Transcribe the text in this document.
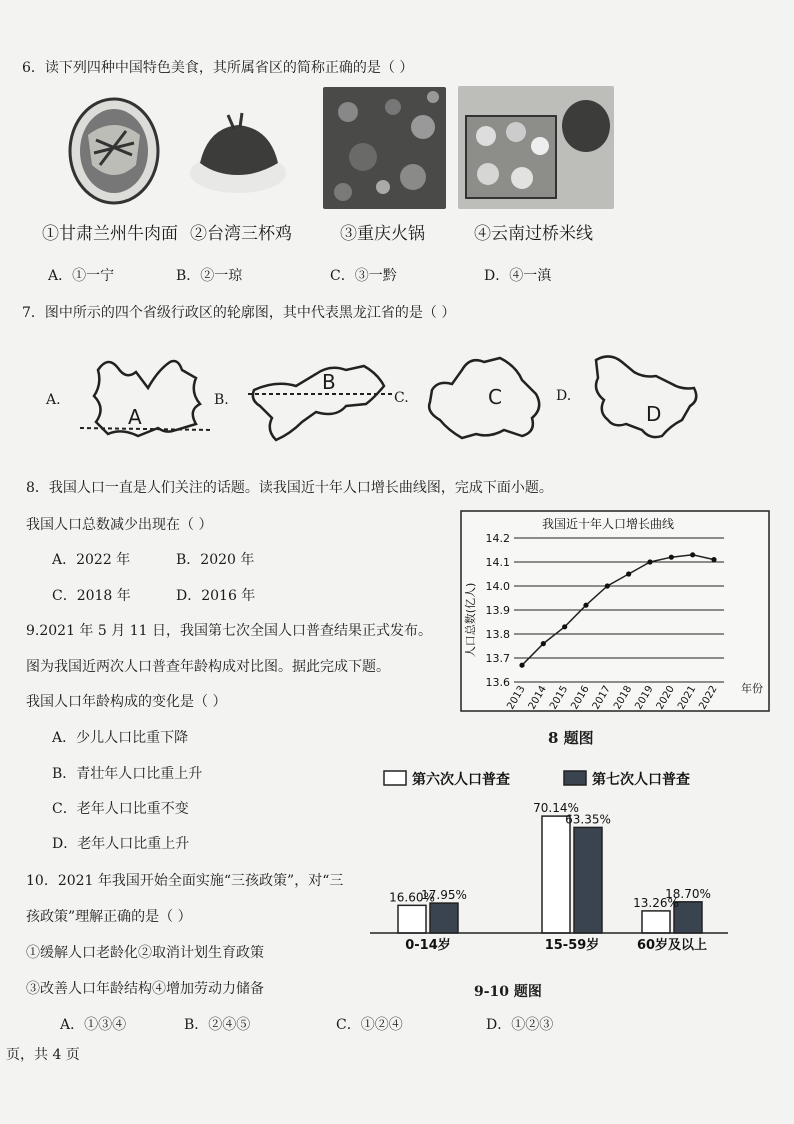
6．读下列四种中国特色美食，其所属省区的简称正确的是（ ）
①甘肃兰州牛肉面 ②台湾三杯鸡	③重庆火锅	④云南过桥米线
A．①一宁	B．②一琼	C．③一黔	D．④一滇
7．图中所示的四个省级行政区的轮廓图，其中代表黑龙江省的是（ ）
A.
A
B.
B
C.	C	D.
D
8．我国人口一直是人们关注的话题。读我国近十年人口增长曲线图，完成下面小题。
我国人口总数减少出现在（ ）
A．2022 年	B．2020 年
C．2018 年	D．2016 年
9.2021 年 5 月 11 日，我国第七次全国人口普查结果正式发布。
图为我国近两次人口普查年龄构成对比图。据此完成下题。
我国人口年龄构成的变化是（ ）
A．少儿人口比重下降
B．青壮年人口比重上升
C．老年人口比重不变
D．老年人口比重上升
10．2021 年我国开始全面实施“三孩政策”，对“三
孩政策”理解正确的是（ ）
①缓解人口老龄化②取消计划生育政策
③改善人口年龄结构④增加劳动力储备
A．①③④	B．②④⑤	C．①②④	D．①②③
页，共 4 页
我国近十年人口增长曲线
人口总数(亿人)
年份
13.6
13.7
13.8
13.9
14.0
14.1
14.2
2013 2014 2015 2016 2017 2018 2019 2020 2021 2022
8 题图
第六次人口普查	第七次人口普查
16.60%
17.95%
70.14%
63.35%
13.26%
18.70%
0-14岁	15-59岁	60岁及以上
9-10 题图
